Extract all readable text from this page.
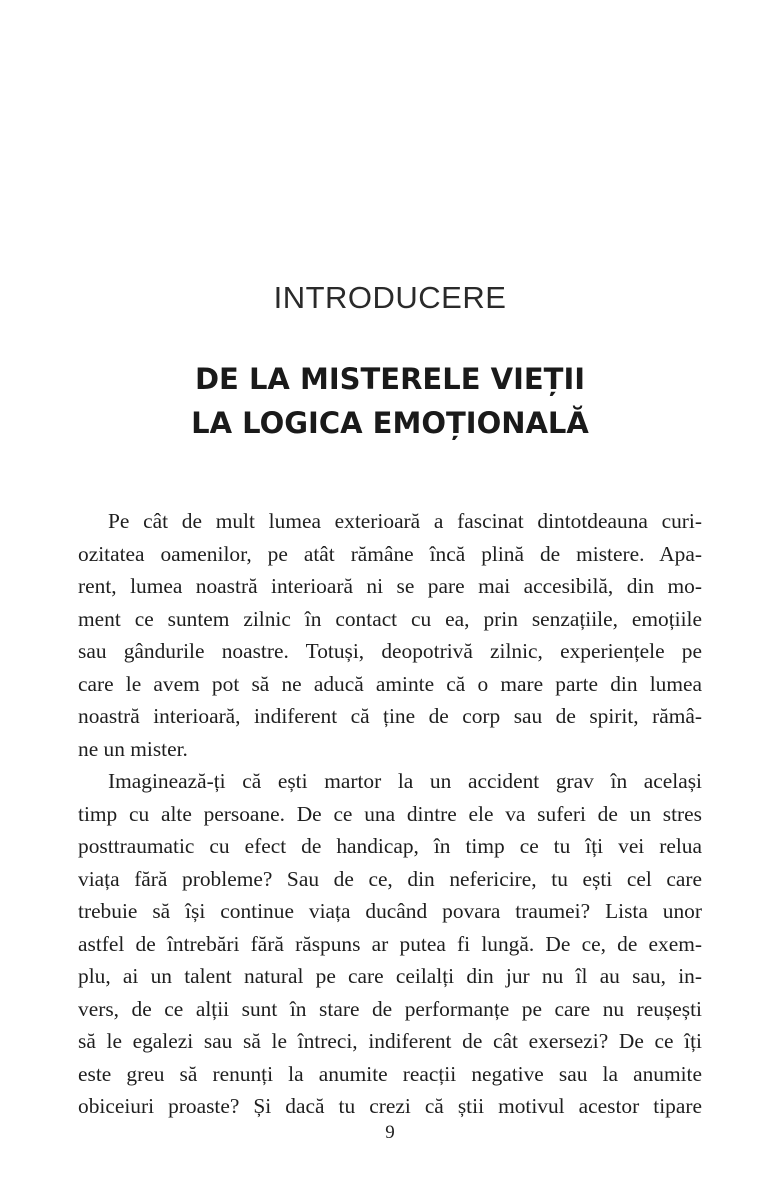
INTRODUCERE
DE LA MISTERELE VIEȚII
LA LOGICA EMOȚIONALĂ
Pe cât de mult lumea exterioară a fascinat dintotdeauna curi-
ozitatea oamenilor, pe atât rămâne încă plină de mistere. Apa-
rent, lumea noastră interioară ni se pare mai accesibilă, din mo-
ment ce suntem zilnic în contact cu ea, prin senzațiile, emoțiile
sau gândurile noastre. Totuși, deopotrivă zilnic, experiențele pe
care le avem pot să ne aducă aminte că o mare parte din lumea
noastră interioară, indiferent că ține de corp sau de spirit, rămâ-
ne un mister.
Imaginează-ți că ești martor la un accident grav în același
timp cu alte persoane. De ce una dintre ele va suferi de un stres
posttraumatic cu efect de handicap, în timp ce tu îți vei relua
viața fără probleme? Sau de ce, din nefericire, tu ești cel care
trebuie să își continue viața ducând povara traumei? Lista unor
astfel de întrebări fără răspuns ar putea fi lungă. De ce, de exem-
plu, ai un talent natural pe care ceilalți din jur nu îl au sau, in-
vers, de ce alții sunt în stare de performanțe pe care nu reușești
să le egalezi sau să le întreci, indiferent de cât exersezi? De ce îți
este greu să renunți la anumite reacții negative sau la anumite
obiceiuri proaste? Și dacă tu crezi că știi motivul acestor tipare
9
